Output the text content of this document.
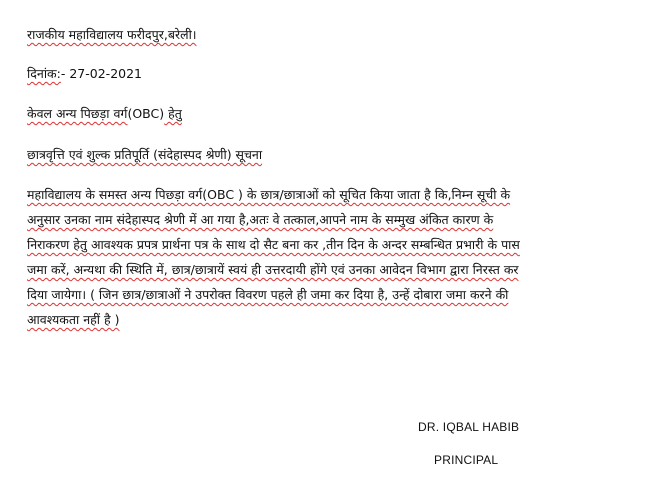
राजकीय महाविद्यालय फरीदपुर,बरेली।
दिनांक:- 27-02-2021
केवल अन्य पिछड़ा वर्ग(OBC) हेतु
छात्रवृत्ति एवं शुल्क प्रतिपूर्ति (संदेहास्पद श्रेणी) सूचना
महाविद्यालय के समस्त अन्य पिछड़ा वर्ग(OBC ) के छात्र/छात्राओं को सूचित किया जाता है कि,निम्न सूची के
अनुसार उनका नाम संदेहास्पद श्रेणी में आ गया है,अतः वे तत्काल,आपने नाम के सम्मुख अंकित कारण के
निराकरण हेतु आवश्यक प्रपत्र प्रार्थना पत्र के साथ दो सैट बना कर ,तीन दिन के अन्दर सम्बन्धित प्रभारी के पास
जमा करें, अन्यथा की स्थिति में, छात्र/छात्रायें स्वयं ही उत्तरदायी होंगे एवं उनका आवेदन विभाग द्वारा निरस्त कर
दिया जायेगा। ( जिन छात्र/छात्राओं ने उपरोक्त विवरण पहले ही जमा कर दिया है, उन्हें दोबारा जमा करने की
आवश्यकता नहीं है )
DR. IQBAL HABIB
PRINCIPAL
